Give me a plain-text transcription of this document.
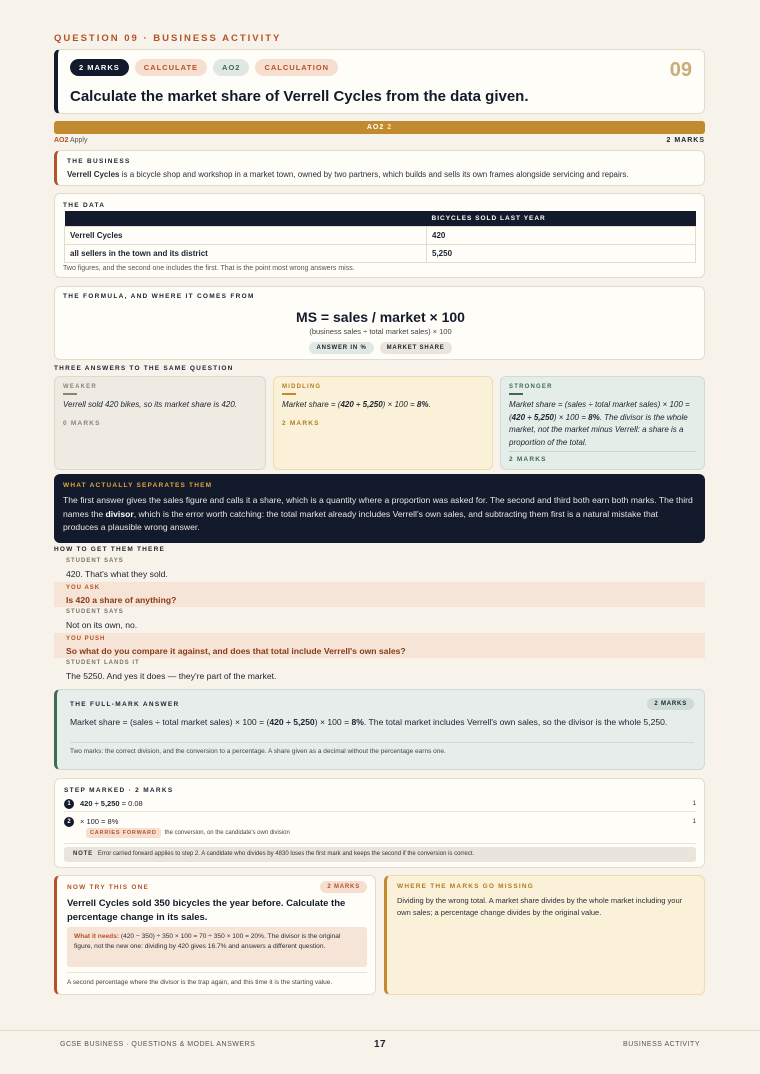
QUESTION 09 · BUSINESS ACTIVITY
2 MARKS	CALCULATE	AO2	CALCULATION	09
Calculate the market share of Verrell Cycles from the data given.
AO2 2
AO2 Apply	2 MARKS
THE BUSINESS
Verrell Cycles is a bicycle shop and workshop in a market town, owned by two partners, which builds and sells its own frames alongside servicing and repairs.
THE DATA
	BICYCLES SOLD LAST YEAR
Verrell Cycles	420
all sellers in the town and its district	5,250
Two figures, and the second one includes the first. That is the point most wrong answers miss.
THE FORMULA, AND WHERE IT COMES FROM
MS = sales / market × 100
(business sales ÷ total market sales) × 100
ANSWER IN %	MARKET SHARE
THREE ANSWERS TO THE SAME QUESTION
WEAKER
Verrell sold 420 bikes, so its market share is 420.
0 MARKS
MIDDLING
Market share = (420 ÷ 5,250) × 100 = 8%.
2 MARKS
STRONGER
Market share = (sales ÷ total market sales) × 100 = (420 ÷ 5,250) × 100 = 8%. The divisor is the whole market, not the market minus Verrell: a share is a proportion of the total.
2 MARKS
WHAT ACTUALLY SEPARATES THEM
The first answer gives the sales figure and calls it a share, which is a quantity where a proportion was asked for. The second and third both earn both marks. The third names the divisor, which is the error worth catching: the total market already includes Verrell's own sales, and subtracting them first is a natural mistake that produces a plausible wrong answer.
HOW TO GET THEM THERE
STUDENT SAYS
420. That's what they sold.
YOU ASK
Is 420 a share of anything?
STUDENT SAYS
Not on its own, no.
YOU PUSH
So what do you compare it against, and does that total include Verrell's own sales?
STUDENT LANDS IT
The 5250. And yes it does — they're part of the market.
THE FULL-MARK ANSWER	2 MARKS
Market share = (sales ÷ total market sales) × 100 = (420 ÷ 5,250) × 100 = 8%. The total market includes Verrell's own sales, so the divisor is the whole 5,250.
Two marks: the correct division, and the conversion to a percentage. A share given as a decimal without the percentage earns one.
STEP MARKED · 2 MARKS
1 420 ÷ 5,250 = 0.08	1
2 × 100 = 8%	1
CARRIES FORWARD the conversion, on the candidate's own division
NOTE Error carried forward applies to step 2. A candidate who divides by 4830 loses the first mark and keeps the second if the conversion is correct.
NOW TRY THIS ONE	2 MARKS
Verrell Cycles sold 350 bicycles the year before. Calculate the percentage change in its sales.
What it needs: (420 − 350) ÷ 350 × 100 = 70 ÷ 350 × 100 = 20%. The divisor is the original figure, not the new one: dividing by 420 gives 16.7% and answers a different question.
A second percentage where the divisor is the trap again, and this time it is the starting value.
WHERE THE MARKS GO MISSING
Dividing by the wrong total. A market share divides by the whole market including your own sales; a percentage change divides by the original value.
GCSE BUSINESS · QUESTIONS & MODEL ANSWERS	17	BUSINESS ACTIVITY
